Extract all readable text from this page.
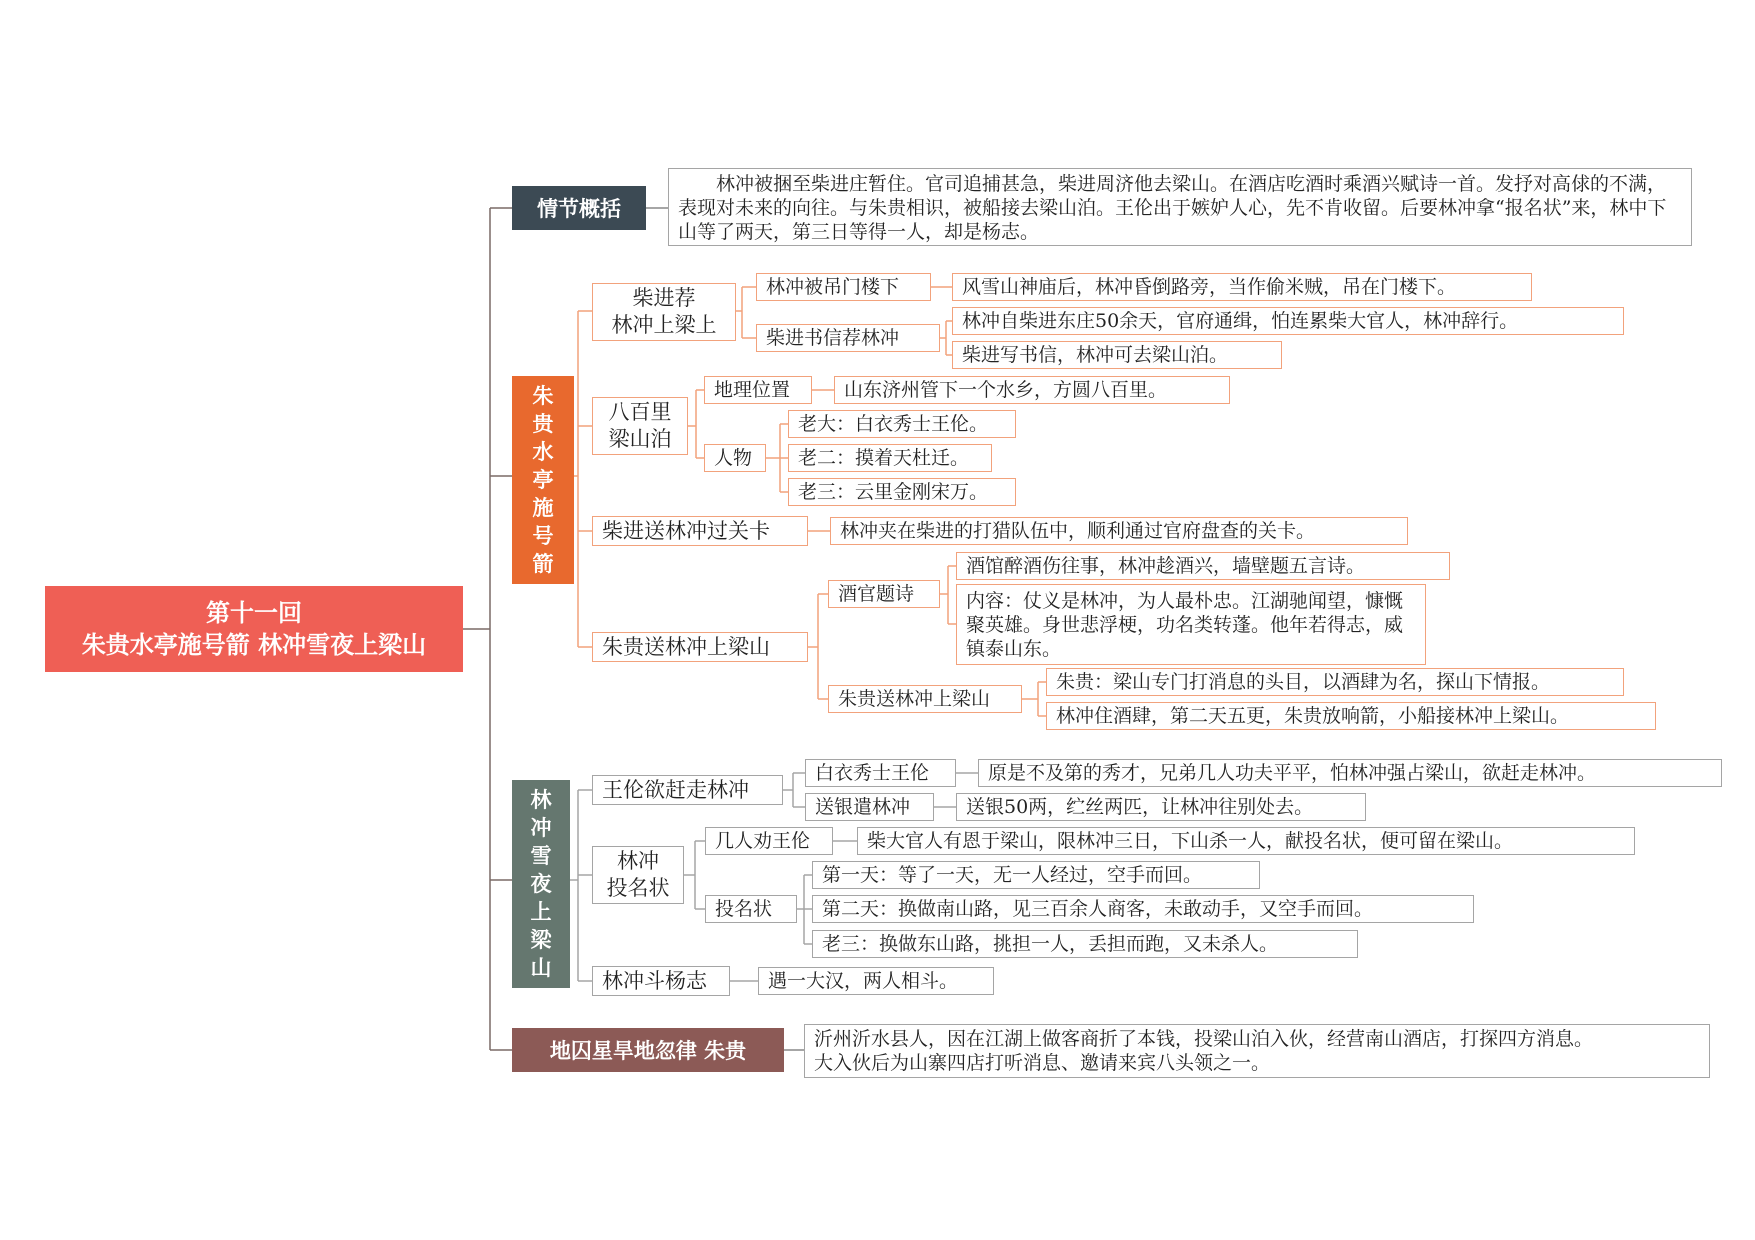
第十一回
朱贵水亭施号箭 林冲雪夜上梁山
情节概括
林冲被捆至柴进庄暂住。官司追捕甚急，柴进周济他去梁山。在酒店吃酒时乘酒兴赋诗一首。发抒对高俅的不满，表现对未来的向往。与朱贵相识，被船接去梁山泊。王伦出于嫉妒人心，先不肯收留。后要林冲拿“报名状”来，林中下山等了两天，第三日等得一人，却是杨志。
朱
贵
水
亭
施
号
箭
柴进荐
林冲上梁上
林冲被吊门楼下	风雪山神庙后，林冲昏倒路旁，当作偷米贼，吊在门楼下。
柴进书信荐林冲
林冲自柴进东庄50余天，官府通缉，怕连累柴大官人，林冲辞行。
柴进写书信，林冲可去梁山泊。
八百里
梁山泊
地理位置	山东济州管下一个水乡，方圆八百里。
人物
老大：白衣秀士王伦。
老二：摸着天杜迁。
老三：云里金刚宋万。
柴进送林冲过关卡	林冲夹在柴进的打猎队伍中，顺利通过官府盘查的关卡。
朱贵送林冲上梁山
酒官题诗
酒馆醉酒伤往事，林冲趁酒兴，墙壁题五言诗。
内容：仗义是林冲，为人最朴忠。江湖驰闻望，慷慨聚英雄。身世悲浮梗，功名类转蓬。他年若得志，威镇泰山东。
朱贵送林冲上梁山
朱贵：梁山专门打消息的头目，以酒肆为名，探山下情报。
林冲住酒肆，第二天五更，朱贵放响箭，小船接林冲上梁山。
林
冲
雪
夜
上
梁
山
王伦欲赶走林冲
白衣秀士王伦	原是不及第的秀才，兄弟几人功夫平平，怕林冲强占梁山，欲赶走林冲。
送银遣林冲	送银50两，纻丝两匹，让林冲往别处去。
林冲
投名状
几人劝王伦	柴大官人有恩于梁山，限林冲三日，下山杀一人，献投名状，便可留在梁山。
投名状
第一天：等了一天，无一人经过，空手而回。
第二天：换做南山路，见三百余人商客，未敢动手，又空手而回。
老三：换做东山路，挑担一人，丢担而跑，又未杀人。
林冲斗杨志	遇一大汉，两人相斗。
地囚星旱地忽律 朱贵	沂州沂水县人，因在江湖上做客商折了本钱，投梁山泊入伙，经营南山酒店，打探四方消息。
大入伙后为山寨四店打听消息、邀请来宾八头领之一。
